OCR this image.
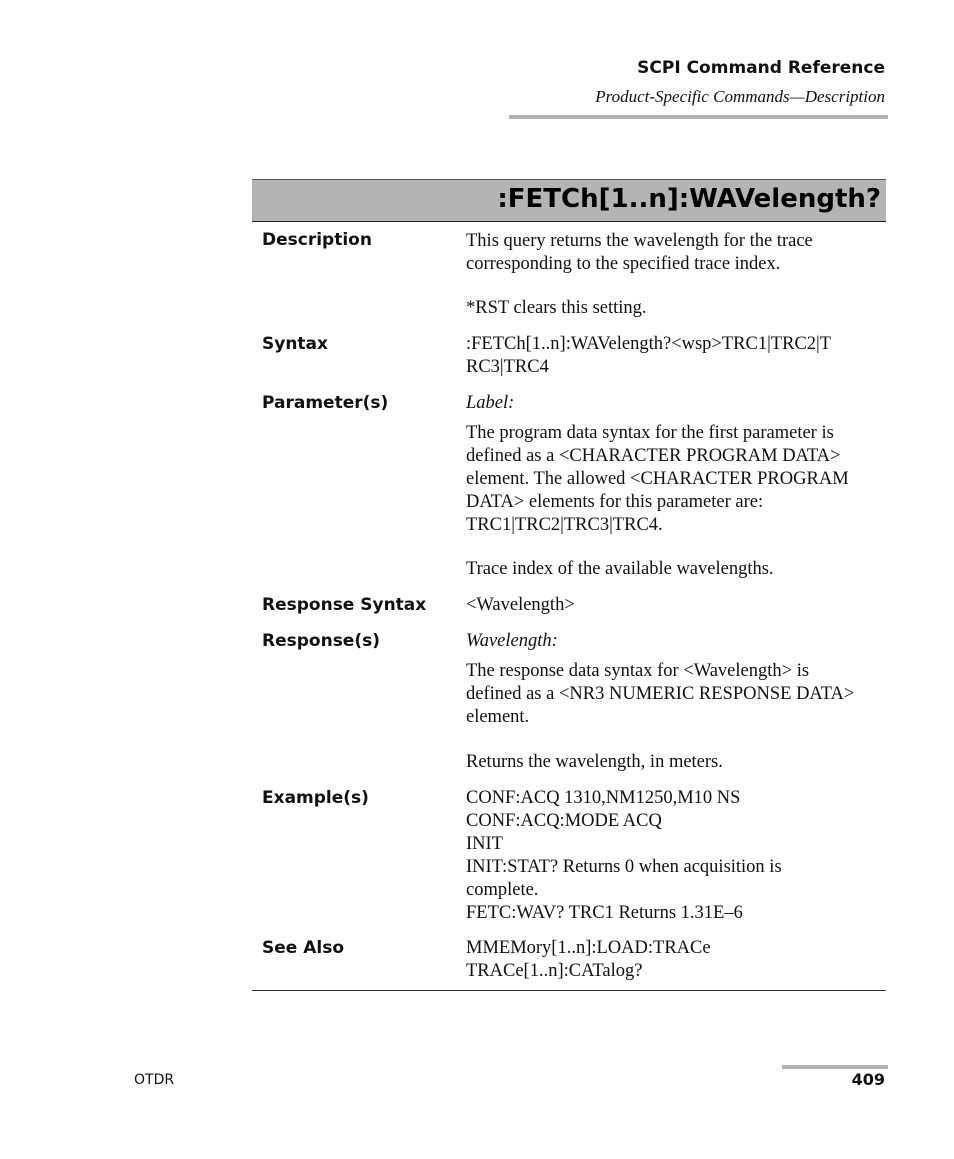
SCPI Command Reference
Product-Specific Commands—Description
:FETCh[1..n]:WAVelength?
Description	This query returns the wavelength for the trace
corresponding to the specified trace index.
*RST clears this setting.
Syntax	:FETCh[1..n]:WAVelength?<wsp>TRC1|TRC2|T
RC3|TRC4
Parameter(s)	Label:
The program data syntax for the first parameter is
defined as a <CHARACTER PROGRAM DATA>
element. The allowed <CHARACTER PROGRAM
DATA> elements for this parameter are:
TRC1|TRC2|TRC3|TRC4.
Trace index of the available wavelengths.
Response Syntax <Wavelength>
Response(s)	Wavelength:
The response data syntax for <Wavelength> is
defined as a <NR3 NUMERIC RESPONSE DATA>
element.
Returns the wavelength, in meters.
Example(s)	CONF:ACQ 1310,NM1250,M10 NS
CONF:ACQ:MODE ACQ
INIT
INIT:STAT? Returns 0 when acquisition is
complete.
FETC:WAV? TRC1 Returns 1.31E–6
See Also	MMEMory[1..n]:LOAD:TRACe
TRACe[1..n]:CATalog?
OTDR	409
